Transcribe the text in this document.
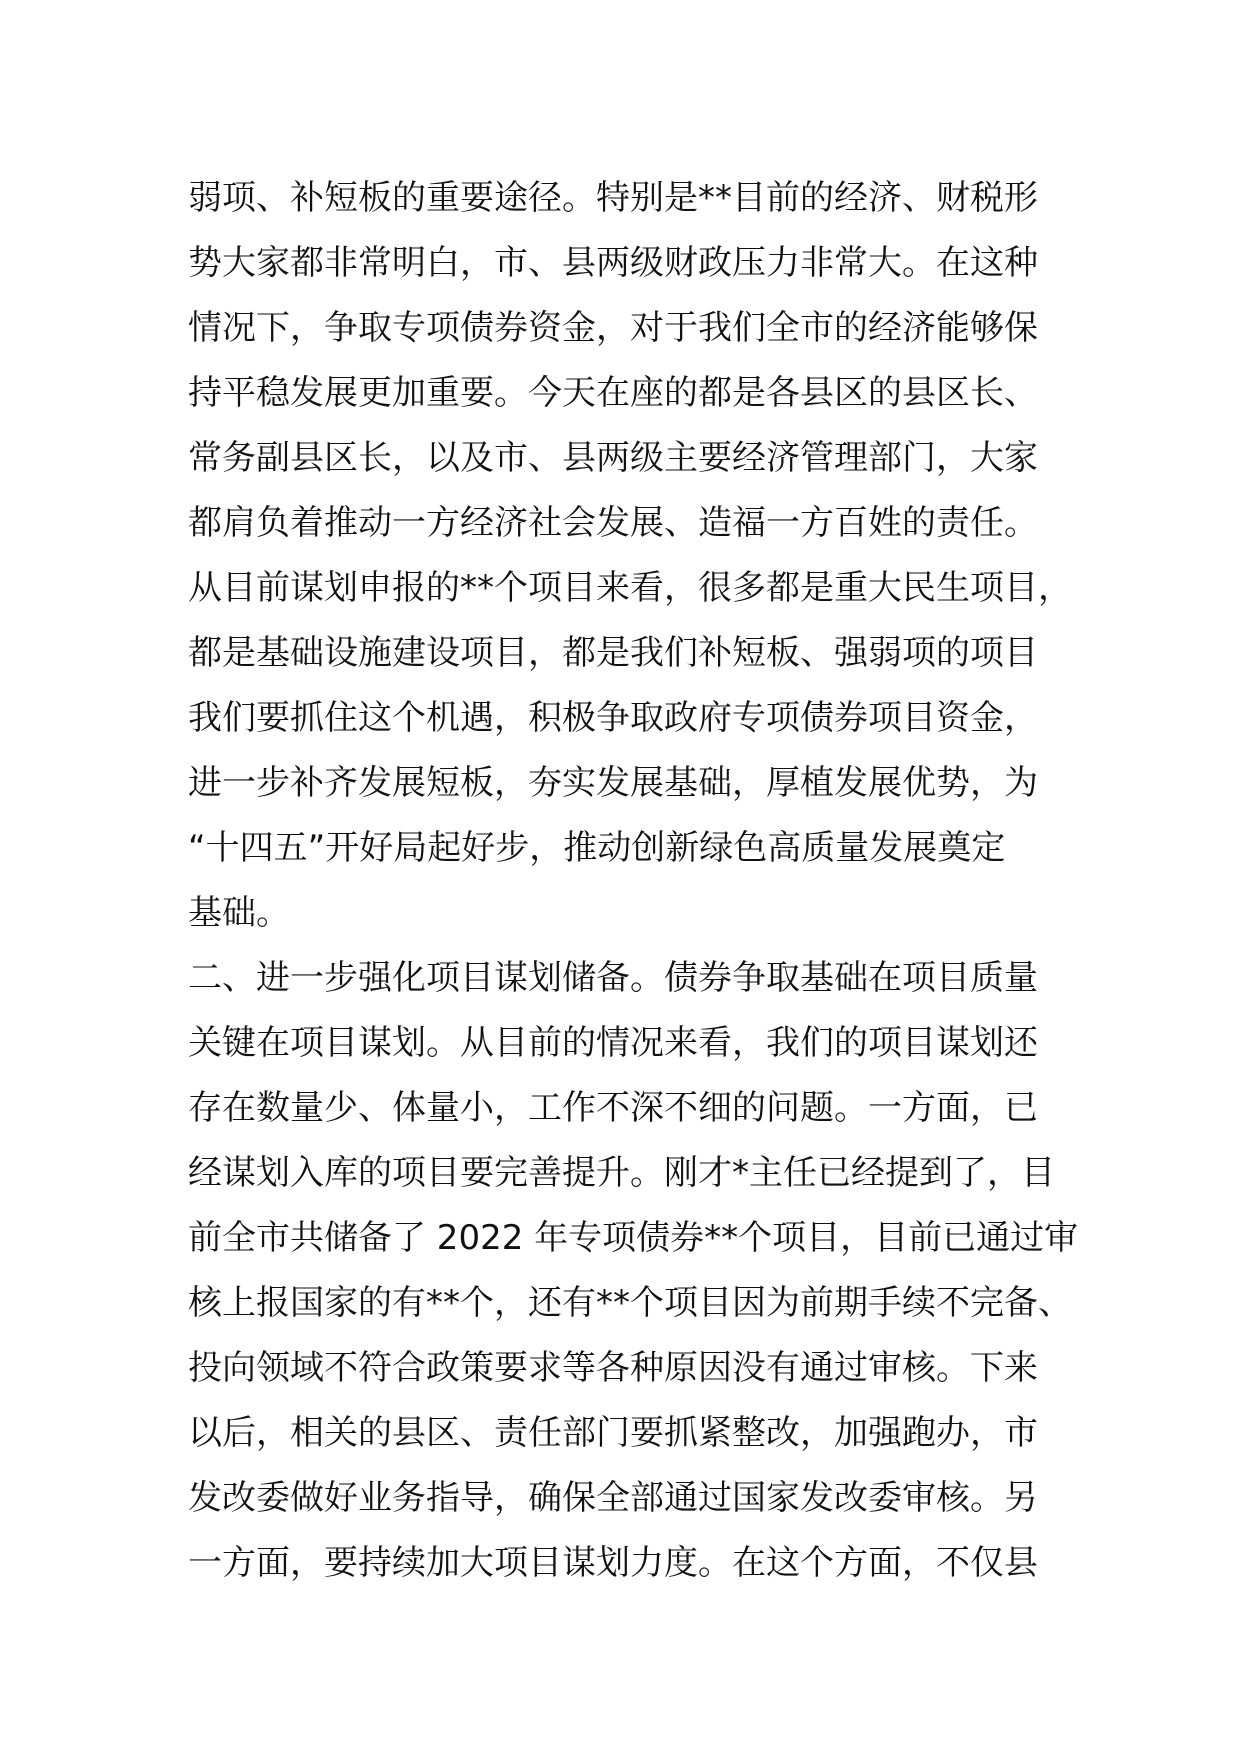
弱项、补短板的重要途径。特别是**目前的经济、财税形
势大家都非常明白，市、县两级财政压力非常大。在这种
情况下，争取专项债券资金，对于我们全市的经济能够保
持平稳发展更加重要。今天在座的都是各县区的县区长、
常务副县区长，以及市、县两级主要经济管理部门，大家
都肩负着推动一方经济社会发展、造福一方百姓的责任。
从目前谋划申报的**个项目来看，很多都是重大民生项目，
都是基础设施建设项目，都是我们补短板、强弱项的项目
我们要抓住这个机遇，积极争取政府专项债券项目资金，
进一步补齐发展短板，夯实发展基础，厚植发展优势，为
“十四五”开好局起好步，推动创新绿色高质量发展奠定
基础。
二、进一步强化项目谋划储备。债券争取基础在项目质量
关键在项目谋划。从目前的情况来看，我们的项目谋划还
存在数量少、体量小，工作不深不细的问题。一方面，已
经谋划入库的项目要完善提升。刚才*主任已经提到了，目
前全市共储备了 2022 年专项债券**个项目，目前已通过审
核上报国家的有**个，还有**个项目因为前期手续不完备、
投向领域不符合政策要求等各种原因没有通过审核。下来
以后，相关的县区、责任部门要抓紧整改，加强跑办，市
发改委做好业务指导，确保全部通过国家发改委审核。另
一方面，要持续加大项目谋划力度。在这个方面，不仅县
